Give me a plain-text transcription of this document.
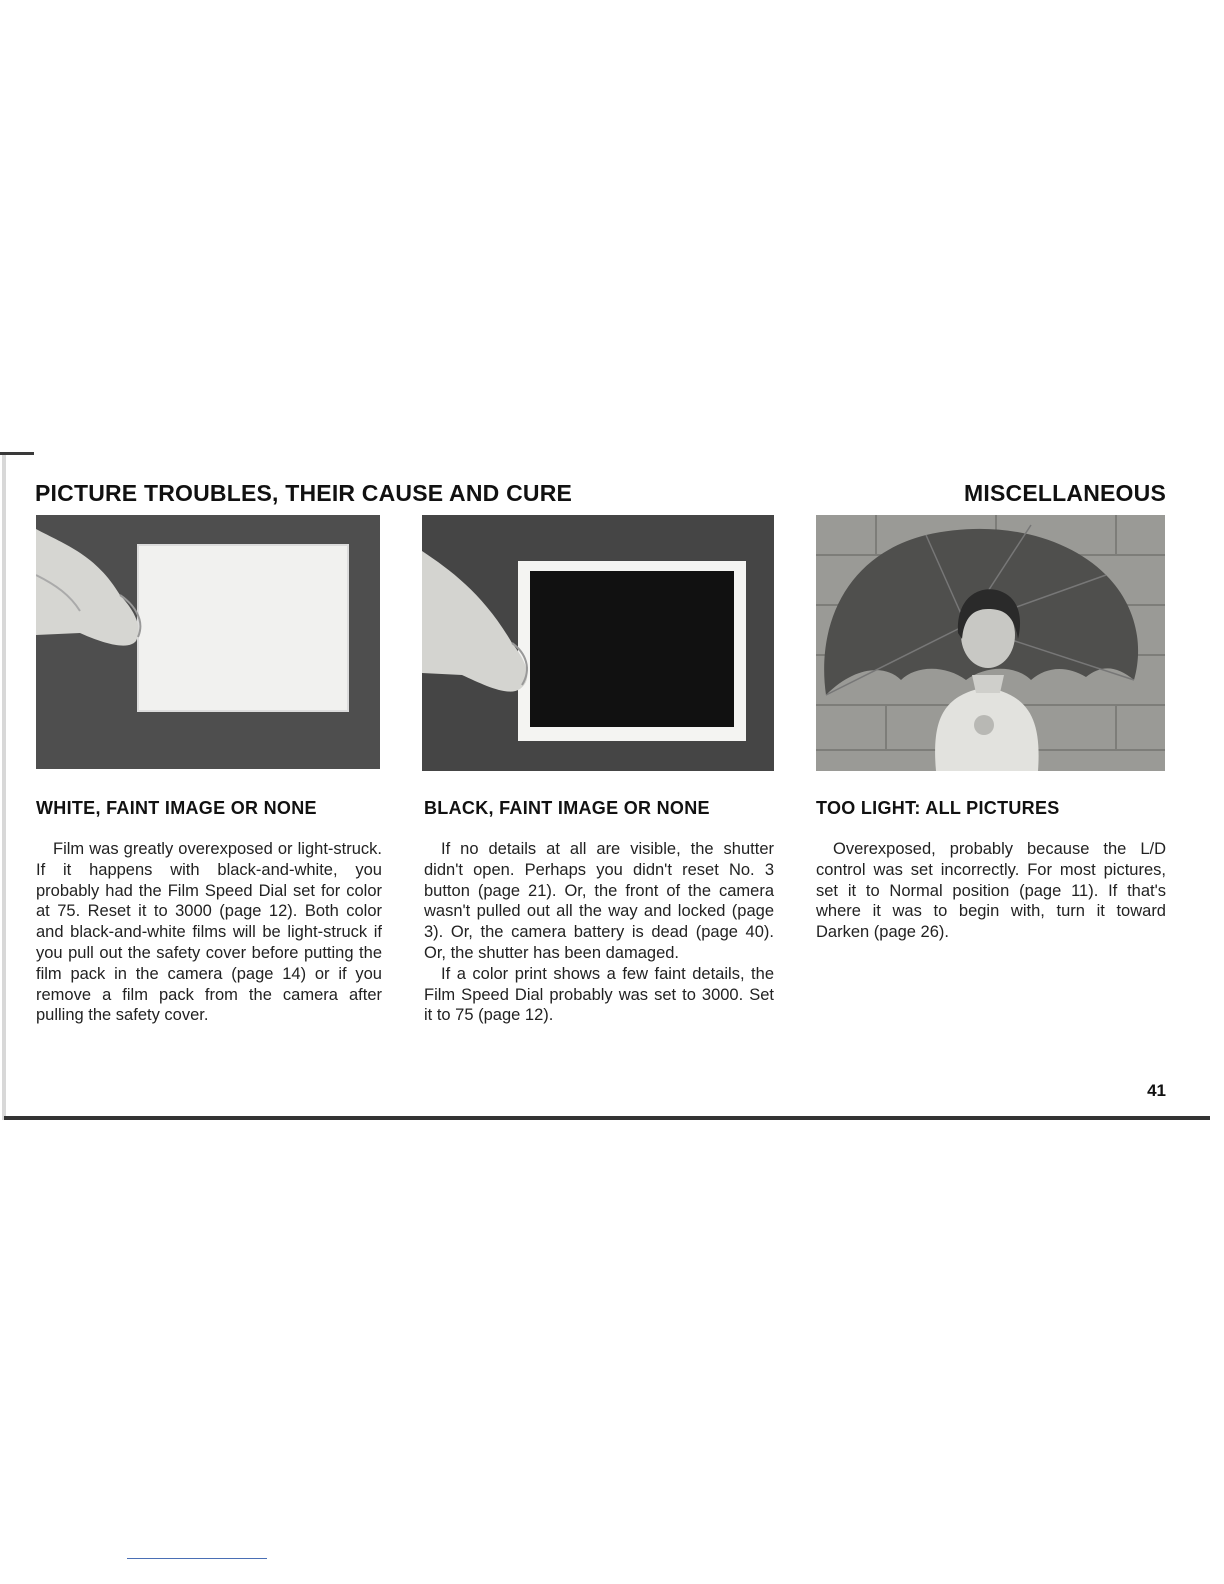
PICTURE TROUBLES, THEIR CAUSE AND CURE	MISCELLANEOUS
WHITE, FAINT IMAGE OR NONE

Film was greatly overexposed or light-struck. If it happens with black-and-white, you probably had the Film Speed Dial set for color at 75. Reset it to 3000 (page 12). Both color and black-and-white films will be light-struck if you pull out the safety cover before putting the film pack in the camera (page 14) or if you remove a film pack from the camera after pulling the safety cover.

BLACK, FAINT IMAGE OR NONE

If no details at all are visible, the shutter didn't open. Perhaps you didn't reset No. 3 button (page 21). Or, the front of the camera wasn't pulled out all the way and locked (page 3). Or, the camera battery is dead (page 40). Or, the shutter has been damaged.

If a color print shows a few faint details, the Film Speed Dial probably was set to 3000. Set it to 75 (page 12).

TOO LIGHT: ALL PICTURES

Overexposed, probably because the L/D control was set incorrectly. For most pictures, set it to Normal position (page 11). If that's where it was to begin with, turn it toward Darken (page 26).

41
